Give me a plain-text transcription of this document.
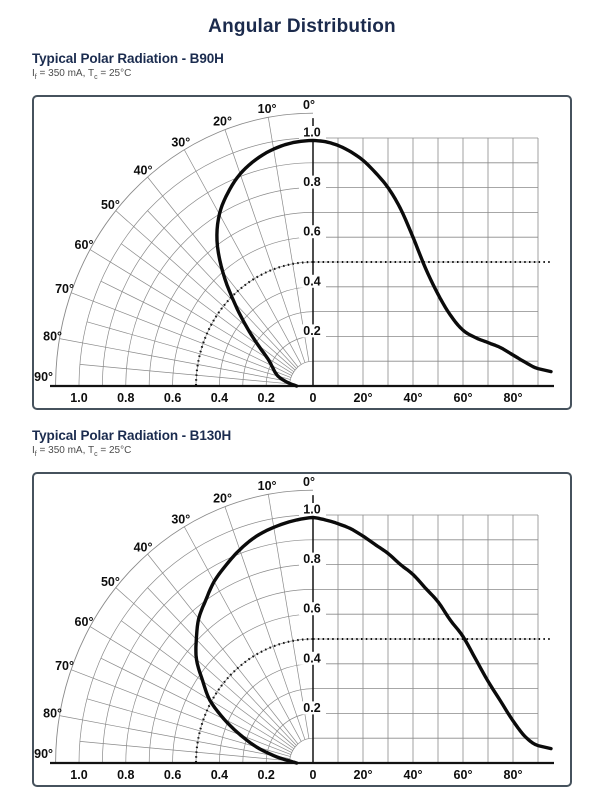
Angular Distribution
Typical Polar Radiation - B90H

$I_f = 350$ mA, $T_c = 25^\circ C$

1.0
0.8
0.6
0.4
0.2
1.0 0.8 0.6 0.4 0.2	0	20° 40° 60° 80°
0°
10°
20°
30°
40°
50°
60°
70°
80°
90°
Typical Polar Radiation - B130H

$I_f = 350$ mA, $T_c = 25^\circ C$

1.0
0.8
0.6
0.4
0.2
1.0 0.8 0.6 0.4 0.2	0	20° 40° 60° 80°
0°
10°
20°
30°
40°
50°
60°
70°
80°
90°
